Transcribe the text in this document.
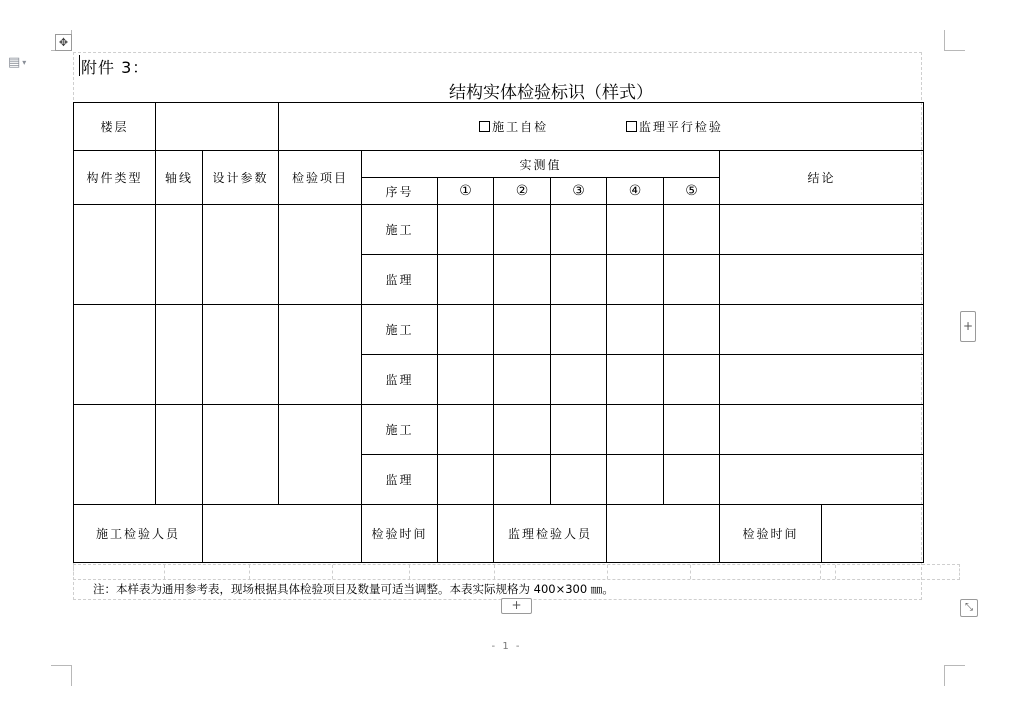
▤ ▾
✥
附件 3：
结构实体检验标识（样式）
楼层			施工自检 监理平行检验								
构件类型	轴线	设计参数	检验项目	实测值						结论	
				序号	①	②	③	④	⑤		
				施工							
				监理							
				施工							
				监理							
				施工							
				监理							
施工检验人员				检验时间		监理检验人员				检验时间	
注：本样表为通用参考表，现场根据具体检验项目及数量可适当调整。本表实际规格为 400×300 ㎜。
+
+
⤡
- 1 -
